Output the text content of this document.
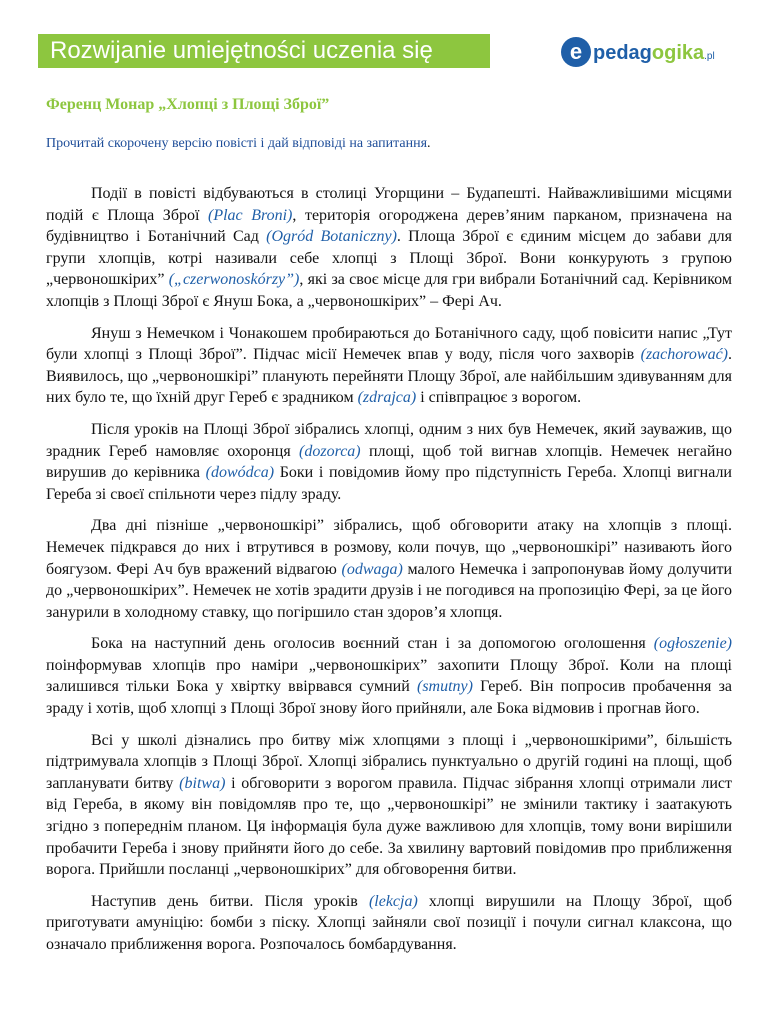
Rozwijanie umiejętności uczenia się	e pedagogika.pl
Ференц Монар „Хлопці з Площі Зброї”
Прочитай скорочену версію повісті і дай відповіді на запитання.

Події в повісті відбуваються в столиці Угорщини – Будапешті. Найважливішими місцями подій є Площа Зброї (Plac Broni), територія огороджена дерев’яним парканом, призначена на будівництво і Ботанічний Сад (Ogród Botaniczny). Площа Зброї є єдиним місцем до забави для групи хлопців, котрі називали себе хлопці з Площі Зброї. Вони конкурують з групою „червоношкірих” („czerwonoskórzy”), які за своє місце для гри вибрали Ботанічний сад. Керівником хлопців з Площі Зброї є Януш Бока, а „червоношкірих” – Ферi Ач.

Януш з Немечком і Чонакошем пробираються до Ботанічного саду, щоб повісити напис „Тут були хлопці з Площі Зброї”. Підчас місії Немечек впав у воду, після чого захворів (zachorować). Виявилось, що „червоношкірі” планують перейняти Площу Зброї, але найбільшим здивуванням для них було те, що їхній друг Гереб є зрадником (zdrajca) і співпрацює з ворогом.

Після уроків на Площі Зброї зібрались хлопці, одним з них був Немечек, який зауважив, що зрадник Гереб намовляє охоронця (dozorca) площі, щоб той вигнав хлопців. Немечек негайно вирушив до керівника (dowódca) Боки і повідомив йому про підступність Гереба. Хлопці вигнали Гереба зі своєї спільноти через підлу зраду.

Два дні пізніше „червоношкірі” зібрались, щоб обговорити атаку на хлопців з площі. Немечек підкрався до них і втрутився в розмову, коли почув, що „червоношкірі” називають його боягузом. Ферi Ач був вражений відвагою (odwaga) малого Немечка і запропонував йому долучити до „червоношкірих”. Немечек не хотів зрадити друзів і не погодився на пропозицію Ферi, за це його занурили в холодному ставку, що погіршило стан здоров’я хлопця.

Бока на наступний день оголосив воєнний стан і за допомогою оголошення (ogłoszenie) поінформував хлопців про наміри „червоношкірих” захопити Площу Зброї. Коли на площі залишився тільки Бока у хвіртку ввірвався сумний (smutny) Гереб. Він попросив пробачення за зраду і хотів, щоб хлопці з Площі Зброї знову його прийняли, але Бока відмовив і прогнав його.

Всі у школі дізнались про битву між хлопцями з площі і „червоношкірими”, більшість підтримувала хлопців з Площі Зброї. Хлопці зібрались пунктуально о другій годині на площі, щоб запланувати битву (bitwa) і обговорити з ворогом правила. Підчас зібрання хлопці отримали лист від Гереба, в якому він повідомляв про те, що „червоношкірі” не змінили тактику і заатакують згідно з попереднім планом. Ця інформація була дуже важливою для хлопців, тому вони вирішили пробачити Гереба і знову прийняти його до себе. За хвилину вартовий повідомив про приближення ворога. Прийшли посланці „червоношкірих” для обговорення битви.

Наступив день битви. Після уроків (lekcja) хлопці вирушили на Площу Зброї, щоб приготувати амуніцію: бомби з піску. Хлопці зайняли свої позиції і почули сигнал клаксона, що означало приближення ворога. Розпочалось бомбардування.
